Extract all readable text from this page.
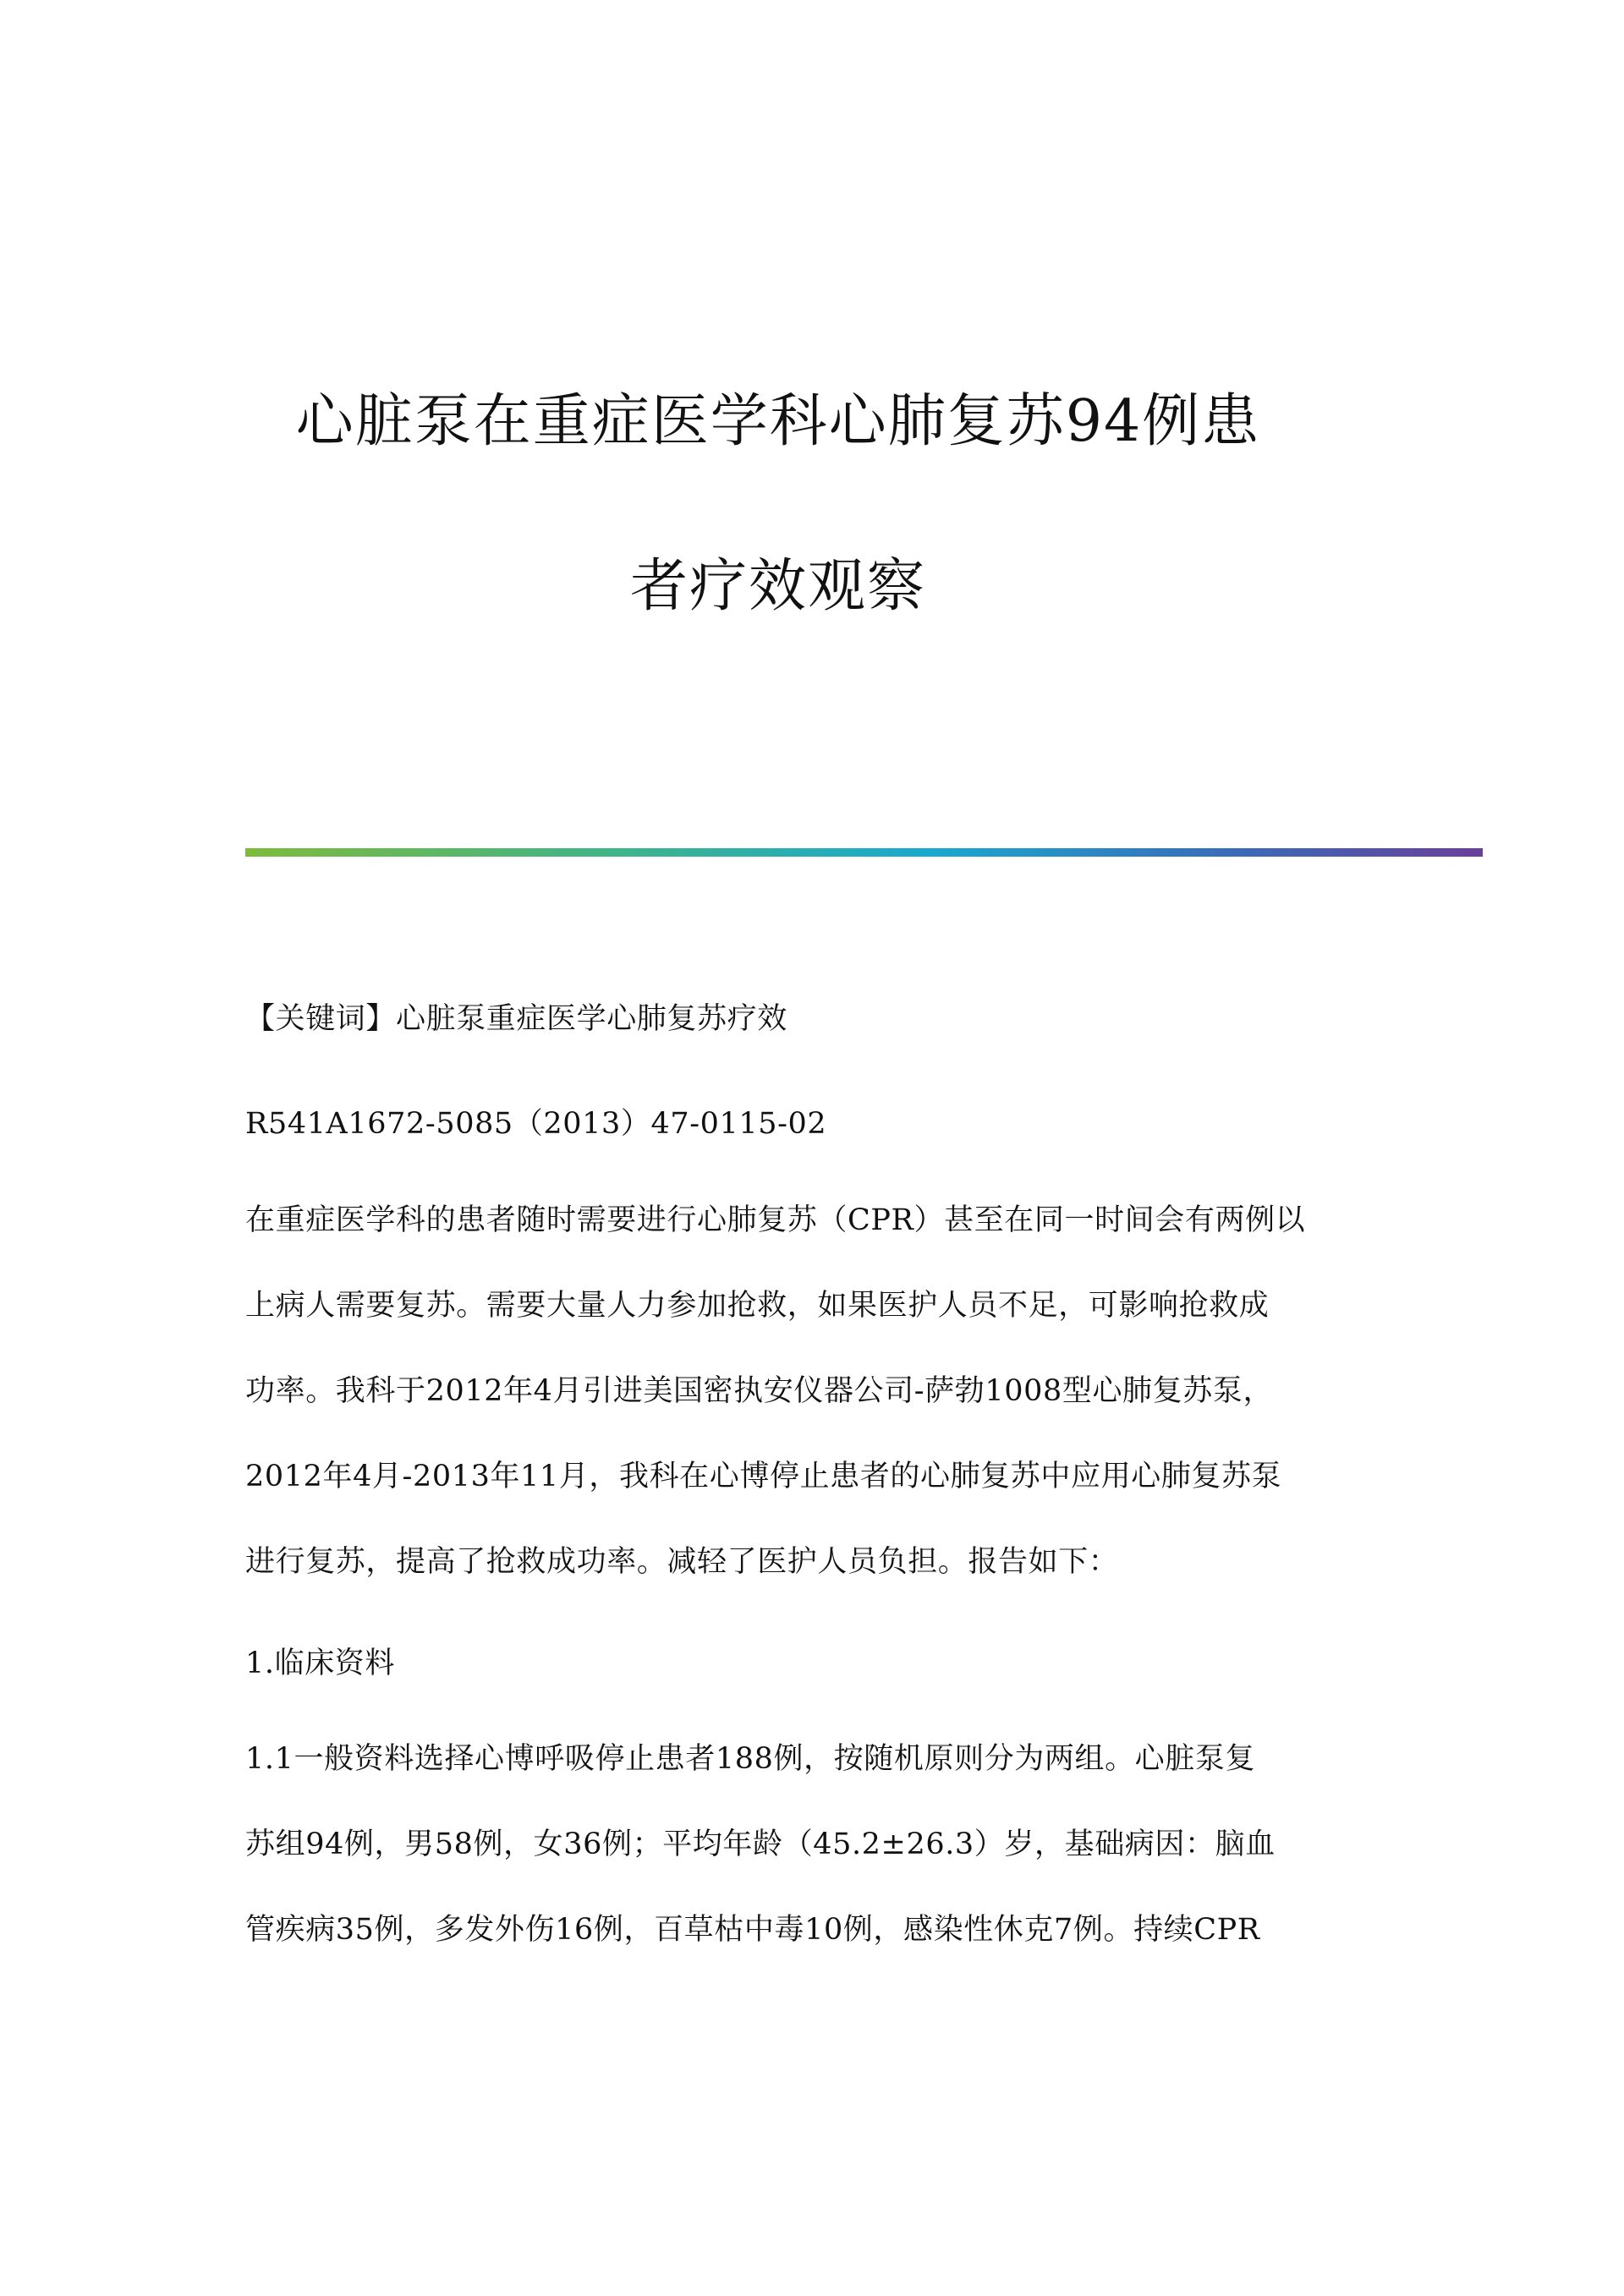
心脏泵在重症医学科心肺复苏94例患
者疗效观察
【关键词】心脏泵重症医学心肺复苏疗效
R541A1672-5085（2013）47-0115-02
在重症医学科的患者随时需要进行心肺复苏（CPR）甚至在同一时间会有两例以
上病人需要复苏。需要大量人力参加抢救，如果医护人员不足，可影响抢救成
功率。我科于2012年4月引进美国密执安仪器公司-萨勃1008型心肺复苏泵，
2012年4月-2013年11月，我科在心博停止患者的心肺复苏中应用心肺复苏泵
进行复苏，提高了抢救成功率。减轻了医护人员负担。报告如下：
1.临床资料
1.1一般资料选择心博呼吸停止患者188例，按随机原则分为两组。心脏泵复
苏组94例，男58例，女36例；平均年龄（45.2±26.3）岁，基础病因：脑血
管疾病35例，多发外伤16例，百草枯中毒10例，感染性休克7例。持续CPR
